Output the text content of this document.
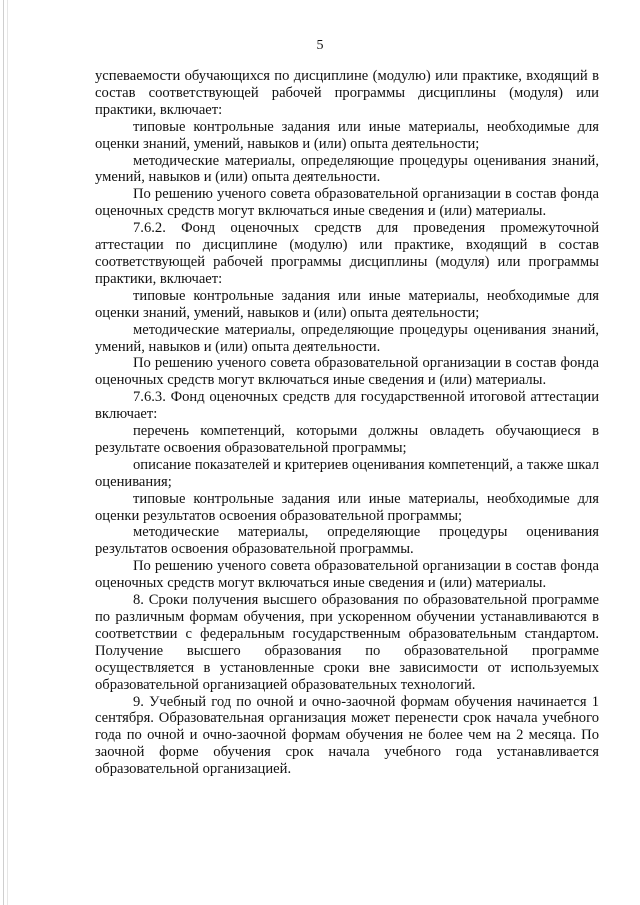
5

успеваемости обучающихся по дисциплине (модулю) или практике, входящий в состав соответствующей рабочей программы дисциплины (модуля) или практики, включает:

типовые контрольные задания или иные материалы, необходимые для оценки знаний, умений, навыков и (или) опыта деятельности;

методические материалы, определяющие процедуры оценивания знаний, умений, навыков и (или) опыта деятельности.

По решению ученого совета образовательной организации в состав фонда оценочных средств могут включаться иные сведения и (или) материалы.

7.6.2. Фонд оценочных средств для проведения промежуточной аттестации по дисциплине (модулю) или практике, входящий в состав соответствующей рабочей программы дисциплины (модуля) или программы практики, включает:

типовые контрольные задания или иные материалы, необходимые для оценки знаний, умений, навыков и (или) опыта деятельности;

методические материалы, определяющие процедуры оценивания знаний, умений, навыков и (или) опыта деятельности.

По решению ученого совета образовательной организации в состав фонда оценочных средств могут включаться иные сведения и (или) материалы.

7.6.3. Фонд оценочных средств для государственной итоговой аттестации включает:

перечень компетенций, которыми должны овладеть обучающиеся в результате освоения образовательной программы;

описание показателей и критериев оценивания компетенций, а также шкал оценивания;

типовые контрольные задания или иные материалы, необходимые для оценки результатов освоения образовательной программы;

методические материалы, определяющие процедуры оценивания результатов освоения образовательной программы.

По решению ученого совета образовательной организации в состав фонда оценочных средств могут включаться иные сведения и (или) материалы.

8. Сроки получения высшего образования по образовательной программе по различным формам обучения, при ускоренном обучении устанавливаются в соответствии с федеральным государственным образовательным стандартом. Получение высшего образования по образовательной программе осуществляется в установленные сроки вне зависимости от используемых образовательной организацией образовательных технологий.

9. Учебный год по очной и очно-заочной формам обучения начинается 1 сентября. Образовательная организация может перенести срок начала учебного года по очной и очно-заочной формам обучения не более чем на 2 месяца. По заочной форме обучения срок начала учебного года устанавливается образовательной организацией.
